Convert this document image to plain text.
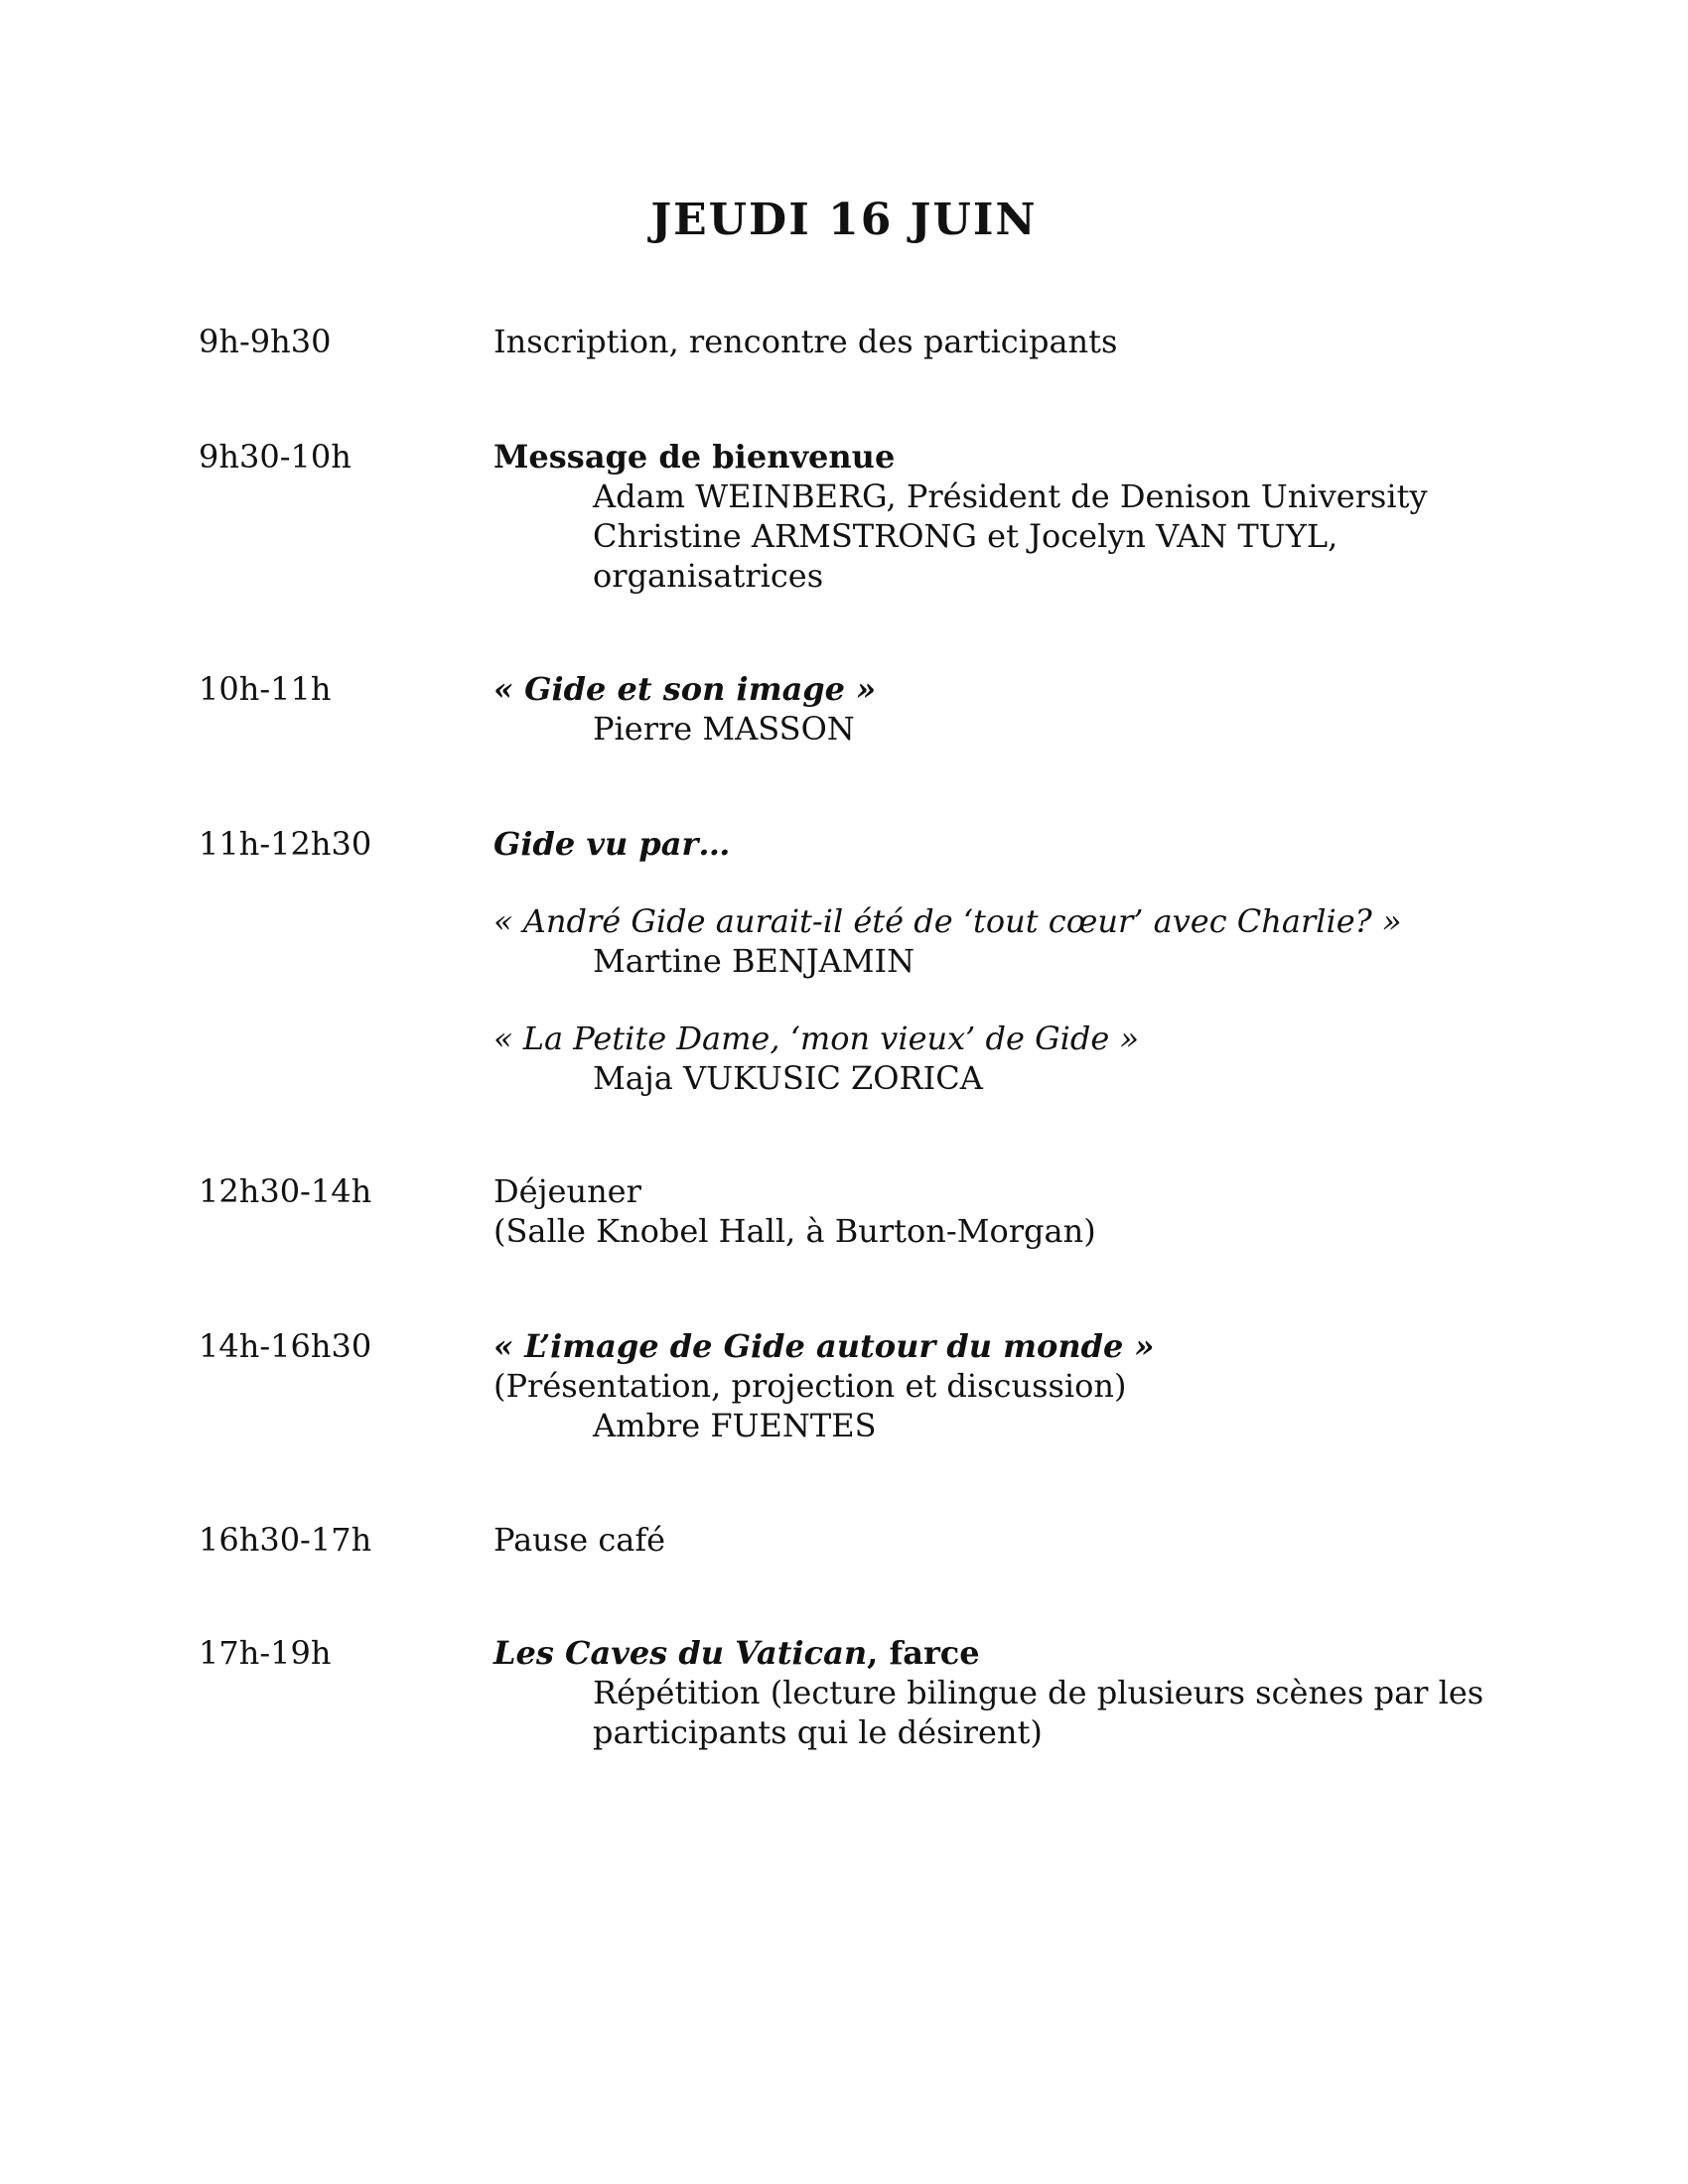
JEUDI 16 JUIN
9h-9h30	Inscription, rencontre des participants
9h30-10h	Message de bienvenue
Adam WEINBERG, Président de Denison University
Christine ARMSTRONG et Jocelyn VAN TUYL,
organisatrices
10h-11h	« Gide et son image »
Pierre MASSON
11h-12h30	Gide vu par…
« André Gide aurait-il été de ‘tout cœur’ avec Charlie? »
Martine BENJAMIN
« La Petite Dame, ‘mon vieux’ de Gide »
Maja VUKUSIC ZORICA
12h30-14h	Déjeuner
(Salle Knobel Hall, à Burton-Morgan)
14h-16h30	« L’image de Gide autour du monde »
(Présentation, projection et discussion)
Ambre FUENTES
16h30-17h	Pause café
17h-19h	Les Caves du Vatican, farce
Répétition (lecture bilingue de plusieurs scènes par les
participants qui le désirent)
